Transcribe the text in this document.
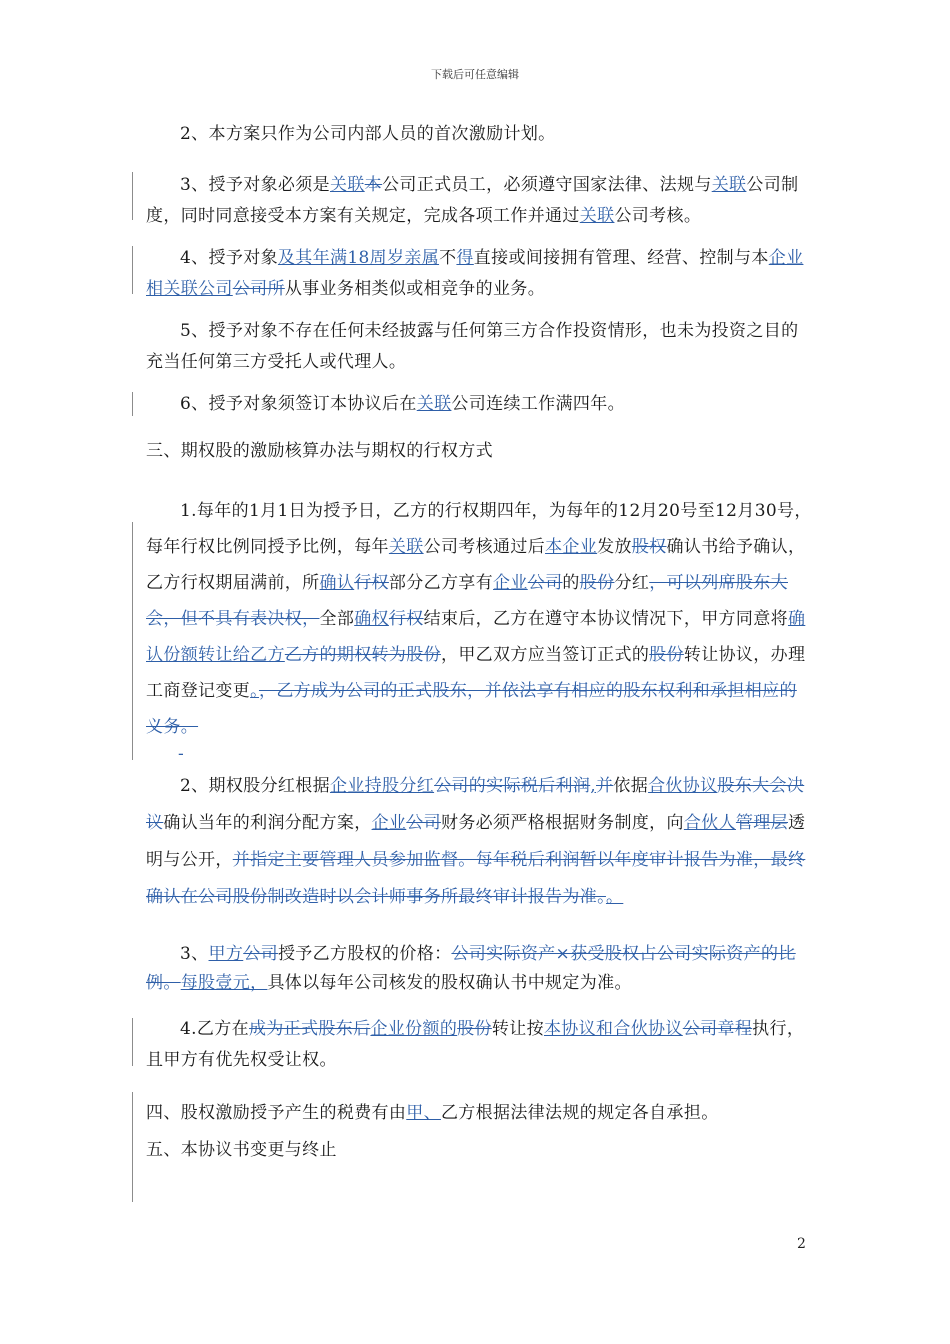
下载后可任意编辑

2、本方案只作为公司内部人员的首次激励计划。

3、授予对象必须是关联本公司正式员工，必须遵守国家法律、法规与关联公司制度，同时同意接受本方案有关规定，完成各项工作并通过关联公司考核。

4、授予对象及其年满18周岁亲属不得直接或间接拥有管理、经营、控制与本企业相关联公司公司所从事业务相类似或相竞争的业务。

5、授予对象不存在任何未经披露与任何第三方合作投资情形，也未为投资之目的充当任何第三方受托人或代理人。

6、授予对象须签订本协议后在关联公司连续工作满四年。

三、期权股的激励核算办法与期权的行权方式

1.每年的1月1日为授予日，乙方的行权期四年，为每年的12月20号至12月30号，每年行权比例同授予比例，每年关联公司考核通过后本企业发放股权确认书给予确认，乙方行权期届满前，所确认行权部分乙方享有企业公司的股份分红，可以列席股东大会，但不具有表决权，全部确权行权结束后，乙方在遵守本协议情况下，甲方同意将确认份额转让给乙方乙方的期权转为股份，甲乙双方应当签订正式的股份转让协议，办理工商登记变更。，乙方成为公司的正式股东，并依法享有相应的股东权利和承担相应的义务。

-

2、期权股分红根据企业持股分红公司的实际税后利润,并依据合伙协议股东大会决议确认当年的利润分配方案，企业公司财务必须严格根据财务制度，向合伙人管理层透明与公开，并指定主要管理人员参加监督。每年税后利润暂以年度审计报告为准，最终确认在公司股份制改造时以会计师事务所最终审计报告为准。。

3、甲方公司授予乙方股权的价格：公司实际资产×获受股权占公司实际资产的比例。每股壹元，具体以每年公司核发的股权确认书中规定为准。

4.乙方在成为正式股东后企业份额的股份转让按本协议和合伙协议公司章程执行，且甲方有优先权受让权。

四、股权激励授予产生的税费有由甲、乙方根据法律法规的规定各自承担。

五、本协议书变更与终止

2
